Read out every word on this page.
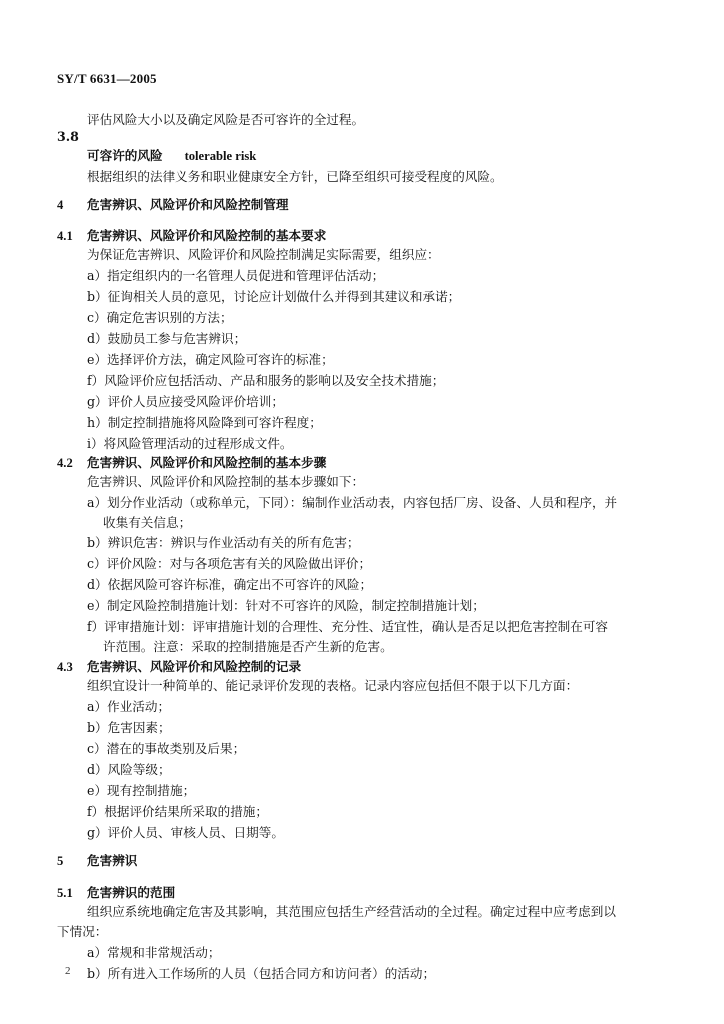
SY/T 6631—2005
评估风险大小以及确定风险是否可容许的全过程。
3.8
可容许的风险 tolerable risk
根据组织的法律义务和职业健康安全方针，已降至组织可接受程度的风险。
4 危害辨识、风险评价和风险控制管理
4.1 危害辨识、风险评价和风险控制的基本要求
为保证危害辨识、风险评价和风险控制满足实际需要，组织应：
a）指定组织内的一名管理人员促进和管理评估活动；
b）征询相关人员的意见，讨论应计划做什么并得到其建议和承诺；
c）确定危害识别的方法；
d）鼓励员工参与危害辨识；
e）选择评价方法，确定风险可容许的标准；
f）风险评价应包括活动、产品和服务的影响以及安全技术措施；
g）评价人员应接受风险评价培训；
h）制定控制措施将风险降到可容许程度；
i）将风险管理活动的过程形成文件。
4.2 危害辨识、风险评价和风险控制的基本步骤
危害辨识、风险评价和风险控制的基本步骤如下：
a）划分作业活动（或称单元，下同）：编制作业活动表，内容包括厂房、设备、人员和程序，并
收集有关信息；
b）辨识危害：辨识与作业活动有关的所有危害；
c）评价风险：对与各项危害有关的风险做出评价；
d）依据风险可容许标准，确定出不可容许的风险；
e）制定风险控制措施计划：针对不可容许的风险，制定控制措施计划；
f）评审措施计划：评审措施计划的合理性、充分性、适宜性，确认是否足以把危害控制在可容
许范围。注意：采取的控制措施是否产生新的危害。
4.3 危害辨识、风险评价和风险控制的记录
组织宜设计一种简单的、能记录评价发现的表格。记录内容应包括但不限于以下几方面：
a）作业活动；
b）危害因素；
c）潜在的事故类别及后果；
d）风险等级；
e）现有控制措施；
f）根据评价结果所采取的措施；
g）评价人员、审核人员、日期等。
5 危害辨识
5.1 危害辨识的范围
组织应系统地确定危害及其影响，其范围应包括生产经营活动的全过程。确定过程中应考虑到以
下情况：
a）常规和非常规活动；
b）所有进入工作场所的人员（包括合同方和访问者）的活动；
2
